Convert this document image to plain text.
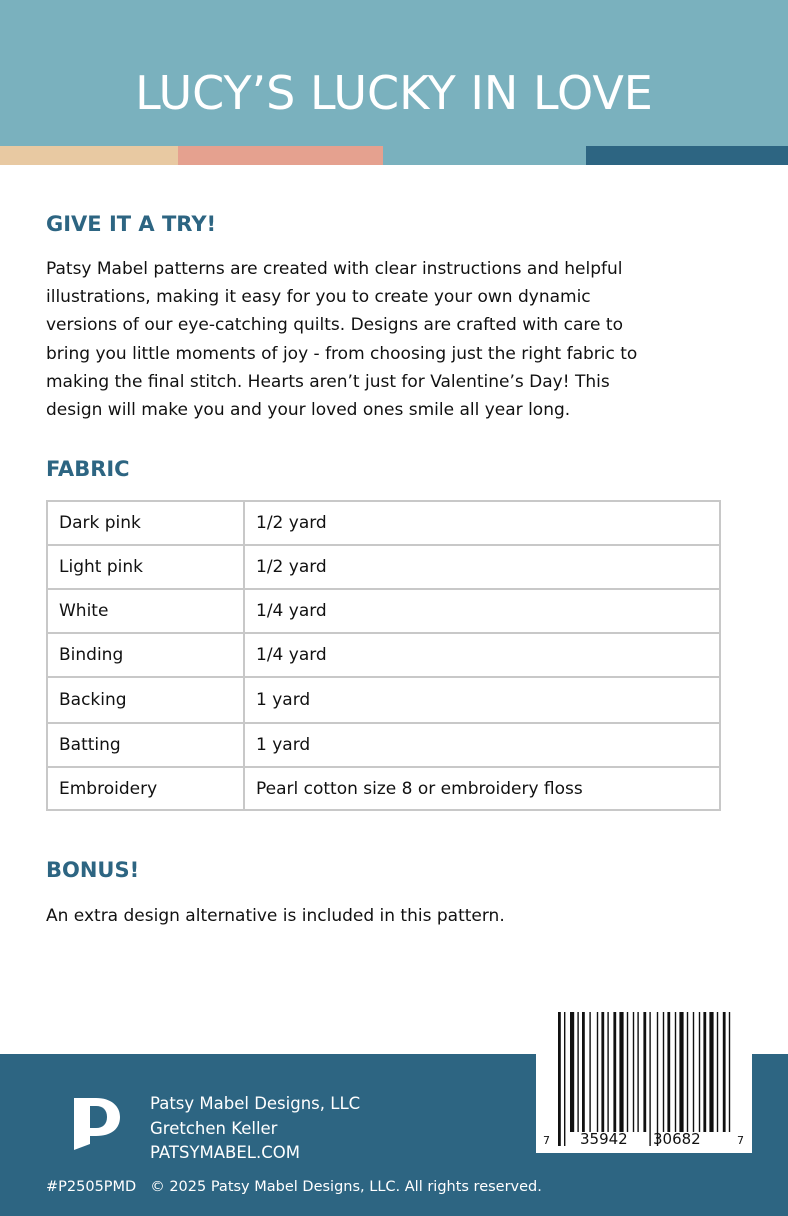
LUCY’S LUCKY IN LOVE
GIVE IT A TRY!
Patsy Mabel patterns are created with clear instructions and helpful
illustrations, making it easy for you to create your own dynamic
versions of our eye-catching quilts. Designs are crafted with care to
bring you little moments of joy - from choosing just the right fabric to
making the final stitch. Hearts aren’t just for Valentine’s Day! This
design will make you and your loved ones smile all year long.
FABRIC
Dark pink	1/2 yard
Light pink	1/2 yard
White	1/4 yard
Binding	1/4 yard
Backing	1 yard
Batting	1 yard
Embroidery	Pearl cotton size 8 or embroidery floss
BONUS!
An extra design alternative is included in this pattern.
Patsy Mabel Designs, LLC
Gretchen Keller
PATSYMABEL.COM
#P2505PMD © 2025 Patsy Mabel Designs, LLC. All rights reserved.
7 35942 30682	7
